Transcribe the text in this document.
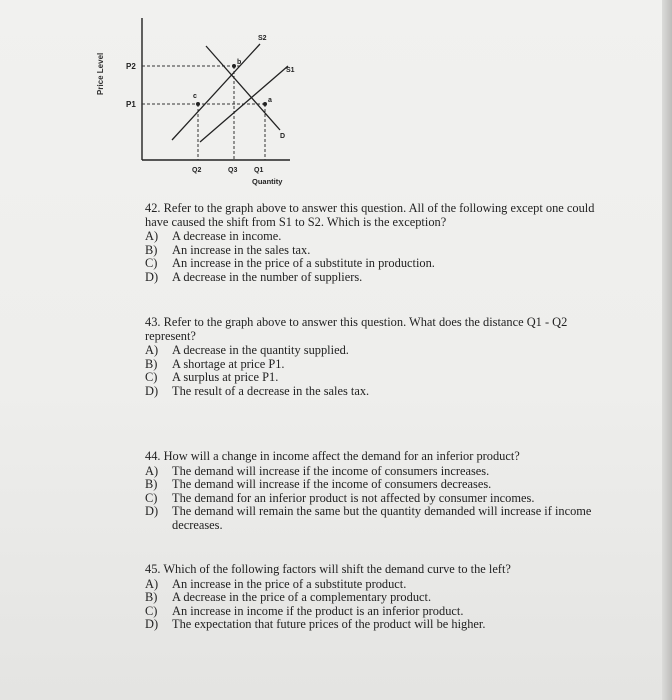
P2
P1
Q2	Q3 Q1
Quantity
S2
S1
b
c
a
D
Price Level
42. Refer to the graph above to answer this question. All of the following except one could have caused the shift from S1 to S2. Which is the exception?
A)	A decrease in income.
B)	An increase in the sales tax.
C)	An increase in the price of a substitute in production.
D)	A decrease in the number of suppliers.
43. Refer to the graph above to answer this question. What does the distance Q1 - Q2 represent?
A)	A decrease in the quantity supplied.
B)	A shortage at price P1.
C)	A surplus at price P1.
D)	The result of a decrease in the sales tax.
44. How will a change in income affect the demand for an inferior product?
A)	The demand will increase if the income of consumers increases.
B)	The demand will increase if the income of consumers decreases.
C)	The demand for an inferior product is not affected by consumer incomes.
D)	The demand will remain the same but the quantity demanded will increase if income decreases.
45. Which of the following factors will shift the demand curve to the left?
A)	An increase in the price of a substitute product.
B)	A decrease in the price of a complementary product.
C)	An increase in income if the product is an inferior product.
D)	The expectation that future prices of the product will be higher.
